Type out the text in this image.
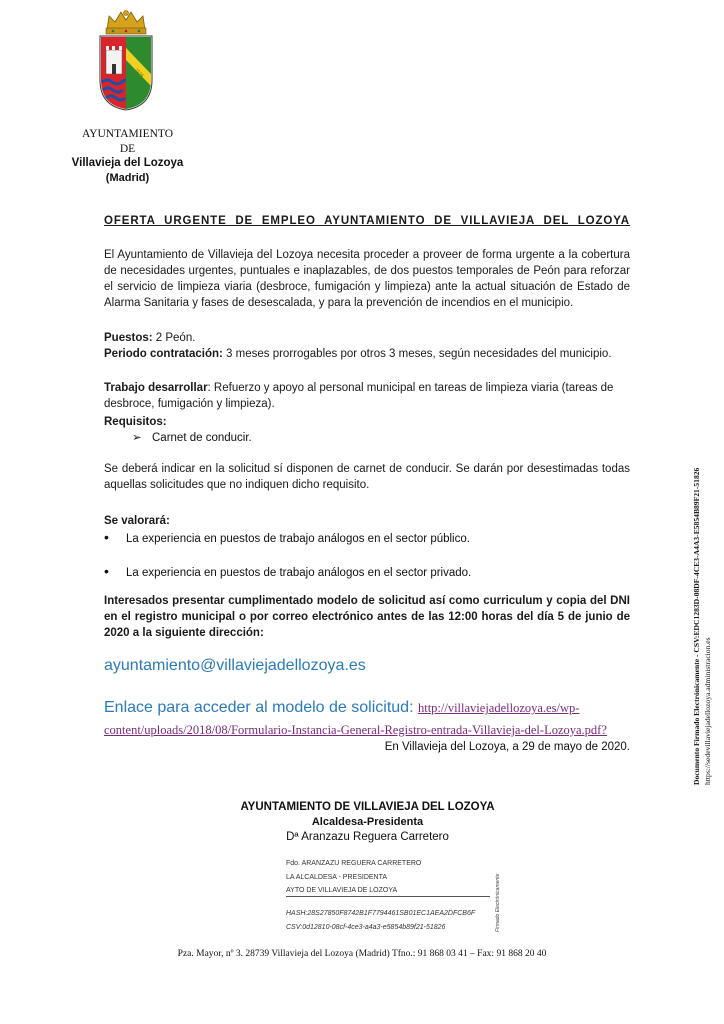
1516
AYUNTAMIENTO
DE
Villavieja del Lozoya
(Madrid)
OFERTA URGENTE DE EMPLEO AYUNTAMIENTO DE VILLAVIEJA DEL LOZOYA
El Ayuntamiento de Villavieja del Lozoya necesita proceder a proveer de forma urgente a la cobertura de necesidades urgentes, puntuales e inaplazables, de dos puestos temporales de Peón para reforzar el servicio de limpieza viaria (desbroce, fumigación y limpieza) ante la actual situación de Estado de Alarma Sanitaria y fases de desescalada, y para la prevención de incendios en el municipio.
Puestos: 2 Peón.
Periodo contratación: 3 meses prorrogables por otros 3 meses, según necesidades del municipio.
Trabajo desarrollar: Refuerzo y apoyo al personal municipal en tareas de limpieza viaria (tareas de desbroce, fumigación y limpieza).
Requisitos:
➢ Carnet de conducir.
Se deberá indicar en la solicitud sí disponen de carnet de conducir. Se darán por desestimadas todas aquellas solicitudes que no indiquen dicho requisito.
Se valorará:
• La experiencia en puestos de trabajo análogos en el sector público.
• La experiencia en puestos de trabajo análogos en el sector privado.
Interesados presentar cumplimentado modelo de solicitud así como curriculum y copia del DNI en el registro municipal o por correo electrónico antes de las 12:00 horas del día 5 de junio de 2020 a la siguiente dirección:
ayuntamiento@villaviejadellozoya.es
Enlace para acceder al modelo de solicitud: http://villaviejadellozoya.es/wp-content/uploads/2018/08/Formulario-Instancia-General-Registro-entrada-Villavieja-del-Lozoya.pdf?
En Villavieja del Lozoya, a 29 de mayo de 2020.
AYUNTAMIENTO DE VILLAVIEJA DEL LOZOYA
Alcaldesa-Presidenta
Dª Aranzazu Reguera Carretero
Fdo. ARANZAZU REGUERA CARRETERO
LA ALCALDESA - PRESIDENTA
AYTO DE VILLAVIEJA DE LOZOYA
HASH:28S27850F8742B1F7794461SB01EC1AEA2DFCB6F
CSV:0d12810-08cf-4ce3-a4a3-e5854b89f21-51826	Firmado Electrónicamente
Pza. Mayor, nº 3. 28739 Villavieja del Lozoya (Madrid) Tfno.: 91 868 03 41 – Fax: 91 868 20 40
Documento Firmado Electrónicamente - CSV:EDC1283D-08DF-4CE3-A4A3-E5854B89F21-51826 https://sedevillaviejadellozoya.administracion.es
